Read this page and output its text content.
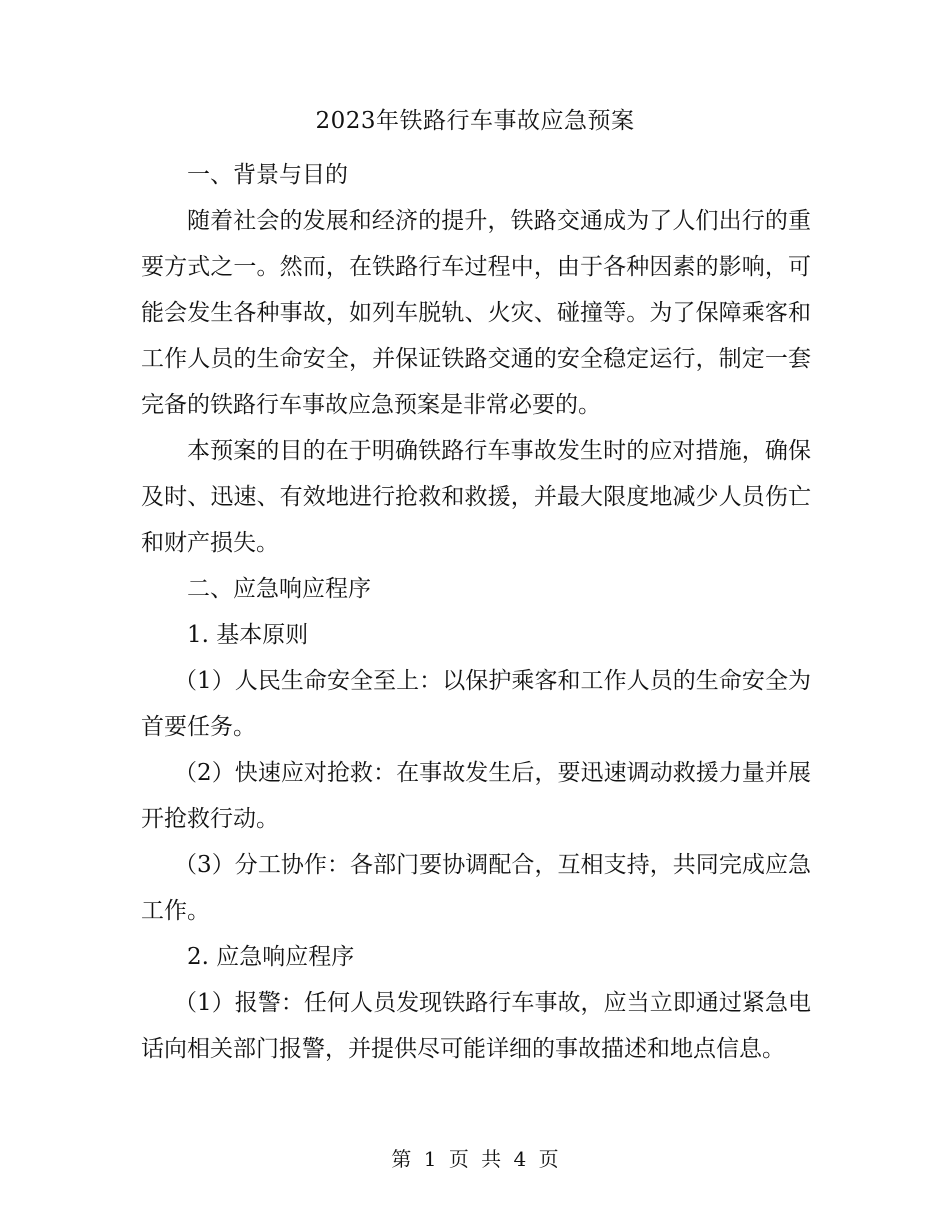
2023年铁路行车事故应急预案

一、背景与目的

随着社会的发展和经济的提升，铁路交通成为了人们出行的重要方式之一。然而，在铁路行车过程中，由于各种因素的影响，可能会发生各种事故，如列车脱轨、火灾、碰撞等。为了保障乘客和工作人员的生命安全，并保证铁路交通的安全稳定运行，制定一套完备的铁路行车事故应急预案是非常必要的。

本预案的目的在于明确铁路行车事故发生时的应对措施，确保及时、迅速、有效地进行抢救和救援，并最大限度地减少人员伤亡和财产损失。

二、应急响应程序

1. 基本原则

（1）人民生命安全至上：以保护乘客和工作人员的生命安全为首要任务。

（2）快速应对抢救：在事故发生后，要迅速调动救援力量并展开抢救行动。

（3）分工协作：各部门要协调配合，互相支持，共同完成应急工作。

2. 应急响应程序

（1）报警：任何人员发现铁路行车事故，应当立即通过紧急电话向相关部门报警，并提供尽可能详细的事故描述和地点信息。

第 1 页 共 4 页
